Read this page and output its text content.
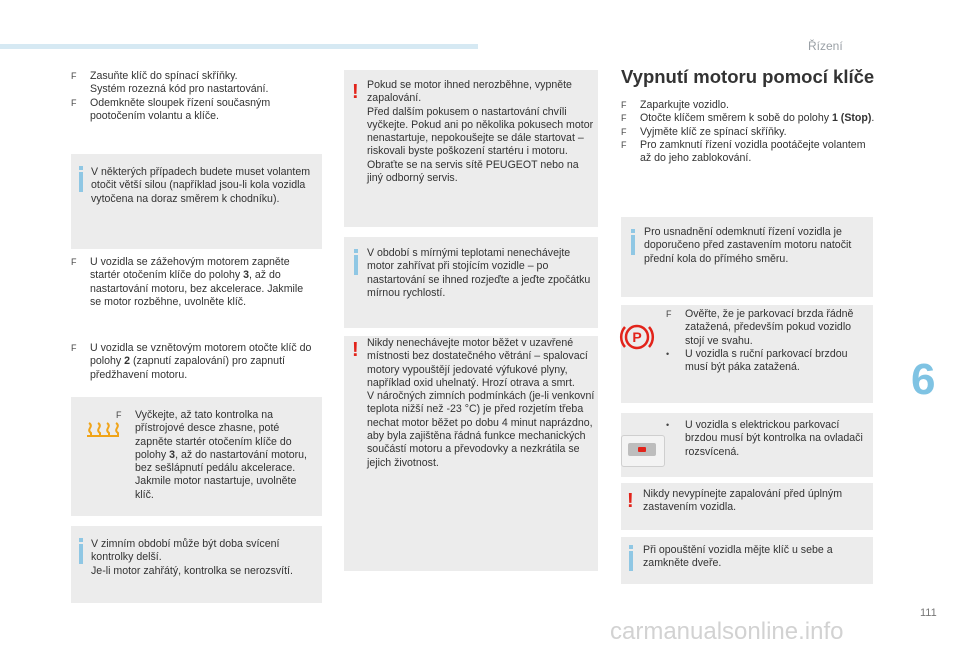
Řízení
6
111
carmanualsonline.info
F Zasuňte klíč do spínací skříňky.
Systém rozezná kód pro nastartování.
F Odemkněte sloupek řízení současným pootočením volantu a klíče.
V některých případech budete muset volantem otočit větší silou (například jsou-li kola vozidla vytočena na doraz směrem k chodníku).
F U vozidla se zážehovým motorem zapněte startér otočením klíče do polohy 3, až do nastartování motoru, bez akcelerace. Jakmile se motor rozběhne, uvolněte klíč.
F U vozidla se vznětovým motorem otočte klíč do polohy 2 (zapnutí zapalování) pro zapnutí předžhavení motoru.
F Vyčkejte, až tato kontrolka na přístrojové desce zhasne, poté zapněte startér otočením klíče do polohy 3, až do nastartování motoru, bez sešlápnutí pedálu akcelerace. Jakmile motor nastartuje, uvolněte klíč.
V zimním období může být doba svícení kontrolky delší.
Je-li motor zahřátý, kontrolka se nerozsvítí.
! Pokud se motor ihned nerozběhne, vypněte zapalování.
Před dalším pokusem o nastartování chvíli vyčkejte. Pokud ani po několika pokusech motor nenastartuje, nepokoušejte se dále startovat – riskovali byste poškození startéru i motoru.
Obraťte se na servis sítě PEUGEOT nebo na jiný odborný servis.
V období s mírnými teplotami nenechávejte motor zahřívat při stojícím vozidle – po nastartování se ihned rozjeďte a jeďte zpočátku mírnou rychlostí.
! Nikdy nenechávejte motor běžet v uzavřené místnosti bez dostatečného větrání – spalovací motory vypouštějí jedovaté výfukové plyny, například oxid uhelnatý. Hrozí otrava a smrt.
V náročných zimních podmínkách (je-li venkovní teplota nižší než -23 °C) je před rozjetím třeba nechat motor běžet po dobu 4 minut naprázdno, aby byla zajištěna řádná funkce mechanických součástí motoru a převodovky a nezkrátila se jejich životnost.
Vypnutí motoru pomocí klíče
F Zaparkujte vozidlo.
F Otočte klíčem směrem k sobě do polohy 1 (Stop).
F Vyjměte klíč ze spínací skříňky.
F Pro zamknutí řízení vozidla pootáčejte volantem až do jeho zablokování.
Pro usnadnění odemknutí řízení vozidla je doporučeno před zastavením motoru natočit přední kola do přímého směru.
P
F Ověřte, že je parkovací brzda řádně zatažená, především pokud vozidlo stojí ve svahu.
• U vozidla s ruční parkovací brzdou musí být páka zatažená.
• U vozidla s elektrickou parkovací brzdou musí být kontrolka na ovladači rozsvícená.
! Nikdy nevypínejte zapalování před úplným zastavením vozidla.
Při opouštění vozidla mějte klíč u sebe a zamkněte dveře.
